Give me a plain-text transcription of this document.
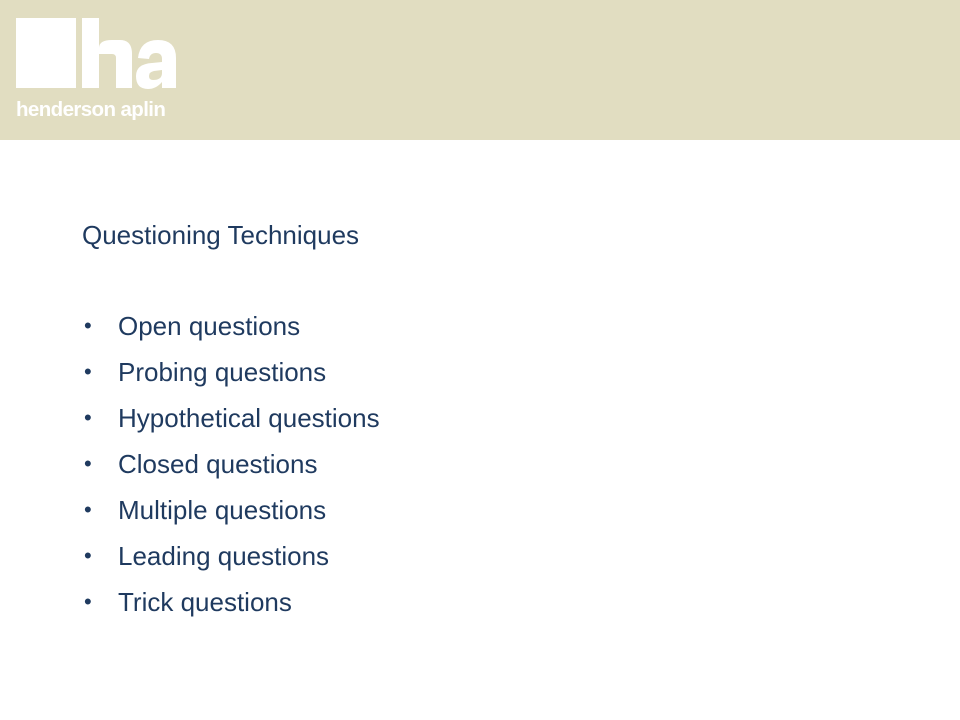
henderson aplin
Questioning Techniques
• Open questions
• Probing questions
• Hypothetical questions
• Closed questions
• Multiple questions
• Leading questions
• Trick questions
